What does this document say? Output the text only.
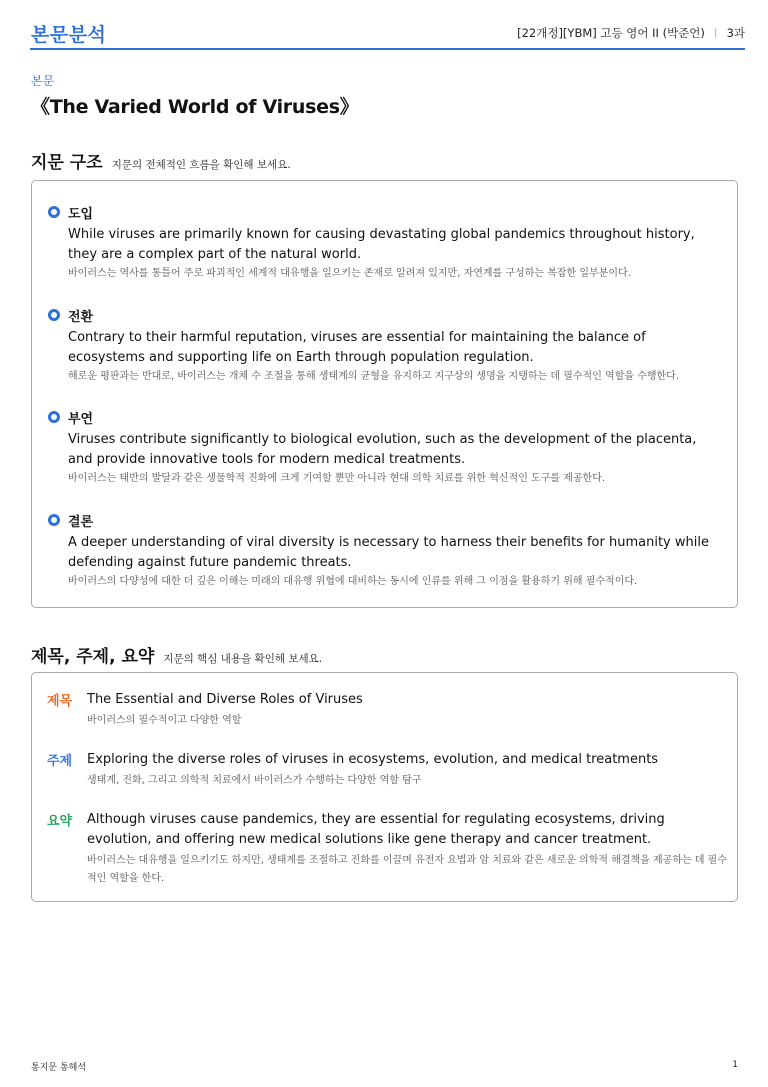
본문분석	[22개정][YBM] 고등 영어 II (박준언) ㅣ 3과
본문
《The Varied World of Viruses》
지문 구조 지문의 전체적인 흐름을 확인해 보세요.
도입
While viruses are primarily known for causing devastating global pandemics throughout history, they are a complex part of the natural world.
바이러스는 역사를 통틀어 주로 파괴적인 세계적 대유행을 일으키는 존재로 알려져 있지만, 자연계를 구성하는 복잡한 일부분이다.
전환
Contrary to their harmful reputation, viruses are essential for maintaining the balance of ecosystems and supporting life on Earth through population regulation.
해로운 평판과는 반대로, 바이러스는 개체 수 조절을 통해 생태계의 균형을 유지하고 지구상의 생명을 지탱하는 데 필수적인 역할을 수행한다.
부연
Viruses contribute significantly to biological evolution, such as the development of the placenta, and provide innovative tools for modern medical treatments.
바이러스는 태반의 발달과 같은 생물학적 진화에 크게 기여할 뿐만 아니라 현대 의학 치료를 위한 혁신적인 도구를 제공한다.
결론
A deeper understanding of viral diversity is necessary to harness their benefits for humanity while defending against future pandemic threats.
바이러스의 다양성에 대한 더 깊은 이해는 미래의 대유행 위협에 대비하는 동시에 인류를 위해 그 이점을 활용하기 위해 필수적이다.
제목, 주제, 요약 지문의 핵심 내용을 확인해 보세요.
제목 The Essential and Diverse Roles of Viruses
바이러스의 필수적이고 다양한 역할
주제 Exploring the diverse roles of viruses in ecosystems, evolution, and medical treatments
생태계, 진화, 그리고 의학적 치료에서 바이러스가 수행하는 다양한 역할 탐구
요약 Although viruses cause pandemics, they are essential for regulating ecosystems, driving evolution, and offering new medical solutions like gene therapy and cancer treatment.
바이러스는 대유행을 일으키기도 하지만, 생태계를 조절하고 진화를 이끌며 유전자 요법과 암 치료와 같은 새로운 의학적 해결책을 제공하는 데 필수적인 역할을 한다.
통지문 통해석	1
